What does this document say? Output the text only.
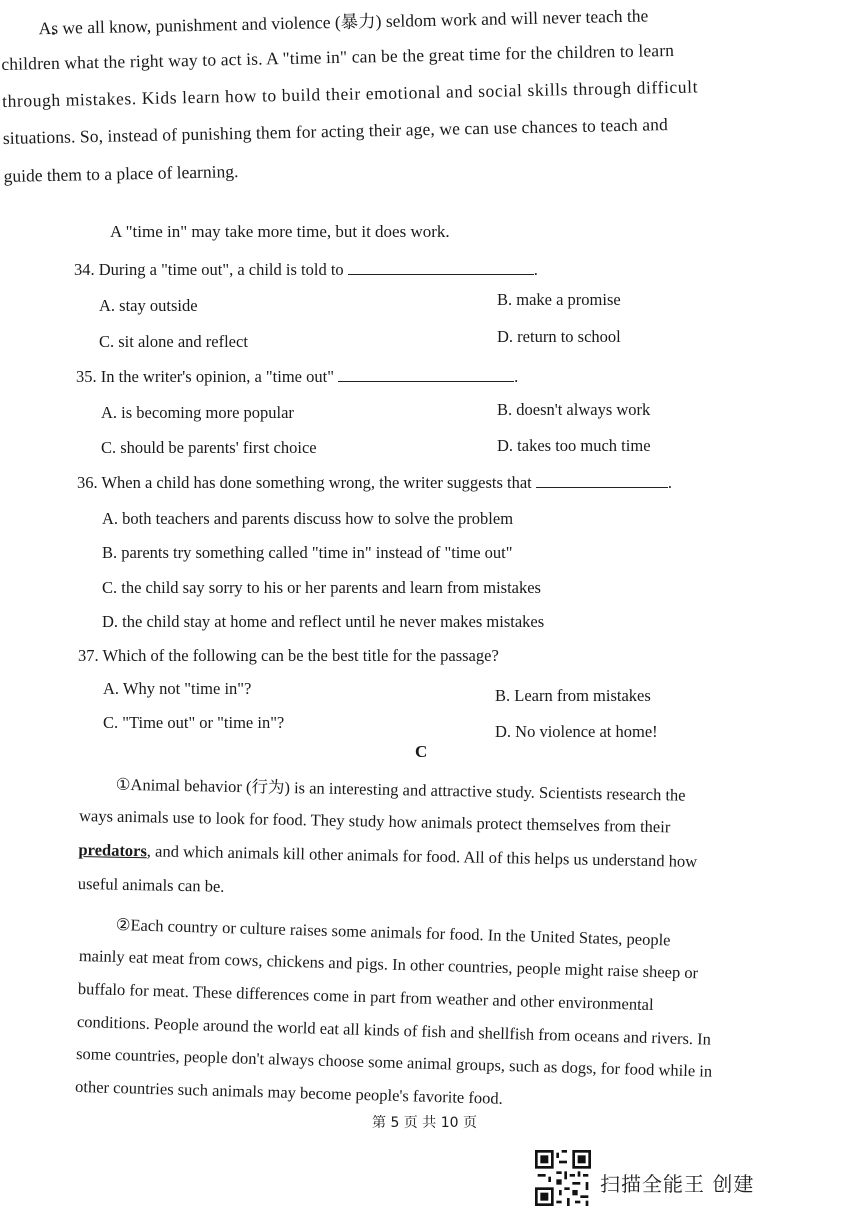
As we all know, punishment and violence (暴力) seldom work and will never teach the
children what the right way to act is. A "time in" can be the great time for the children to learn
through mistakes. Kids learn how to build their emotional and social skills through difficult
situations. So, instead of punishing them for acting their age, we can use chances to teach and
guide them to a place of learning.
A "time in" may take more time, but it does work.
34. During a "time out", a child is told to	.
A. stay outside	B. make a promise
C. sit alone and reflect	D. return to school
35. In the writer's opinion, a "time out"	.
A. is becoming more popular	B. doesn't always work
C. should be parents' first choice	D. takes too much time
36. When a child has done something wrong, the writer suggests that	.
A. both teachers and parents discuss how to solve the problem
B. parents try something called "time in" instead of "time out"
C. the child say sorry to his or her parents and learn from mistakes
D. the child stay at home and reflect until he never makes mistakes
37. Which of the following can be the best title for the passage?
A. Why not "time in"?	B. Learn from mistakes
C. "Time out" or "time in"?	D. No violence at home!
C
①Animal behavior (行为) is an interesting and attractive study. Scientists research the
ways animals use to look for food. They study how animals protect themselves from their
predators, and which animals kill other animals for food. All of this helps us understand how
useful animals can be.
②Each country or culture raises some animals for food. In the United States, people
mainly eat meat from cows, chickens and pigs. In other countries, people might raise sheep or
buffalo for meat. These differences come in part from weather and other environmental
conditions. People around the world eat all kinds of fish and shellfish from oceans and rivers. In
some countries, people don't always choose some animal groups, such as dogs, for food while in
other countries such animals may become people's favorite food.
第 5 页 共 10 页
扫描全能王 创建
